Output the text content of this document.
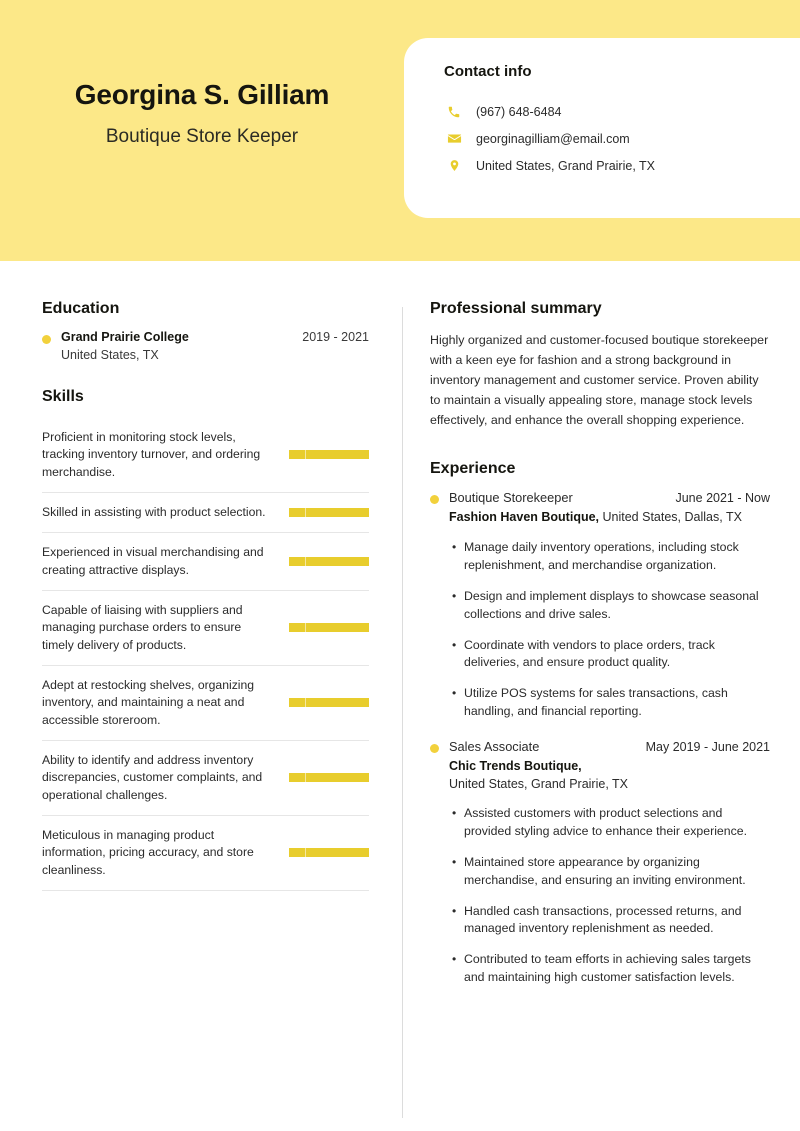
Georgina S. Gilliam
Boutique Store Keeper
Contact info
(967) 648-6484
georginagilliam@email.com
United States, Grand Prairie, TX
Education
Grand Prairie College	2019 - 2021
United States, TX
Skills
Proficient in monitoring stock levels, tracking inventory turnover, and ordering merchandise.
Skilled in assisting with product selection.
Experienced in visual merchandising and creating attractive displays.
Capable of liaising with suppliers and managing purchase orders to ensure timely delivery of products.
Adept at restocking shelves, organizing inventory, and maintaining a neat and accessible storeroom.
Ability to identify and address inventory discrepancies, customer complaints, and operational challenges.
Meticulous in managing product information, pricing accuracy, and store cleanliness.
Professional summary
Highly organized and customer-focused boutique storekeeper with a keen eye for fashion and a strong background in inventory management and customer service. Proven ability to maintain a visually appealing store, manage stock levels effectively, and enhance the overall shopping experience.
Experience
Boutique Storekeeper	June 2021 - Now
Fashion Haven Boutique, United States, Dallas, TX
• Manage daily inventory operations, including stock replenishment, and merchandise organization.
• Design and implement displays to showcase seasonal collections and drive sales.
• Coordinate with vendors to place orders, track deliveries, and ensure product quality.
• Utilize POS systems for sales transactions, cash handling, and financial reporting.
Sales Associate	May 2019 - June 2021
Chic Trends Boutique,
United States, Grand Prairie, TX
• Assisted customers with product selections and provided styling advice to enhance their experience.
• Maintained store appearance by organizing merchandise, and ensuring an inviting environment.
• Handled cash transactions, processed returns, and managed inventory replenishment as needed.
• Contributed to team efforts in achieving sales targets and maintaining high customer satisfaction levels.
